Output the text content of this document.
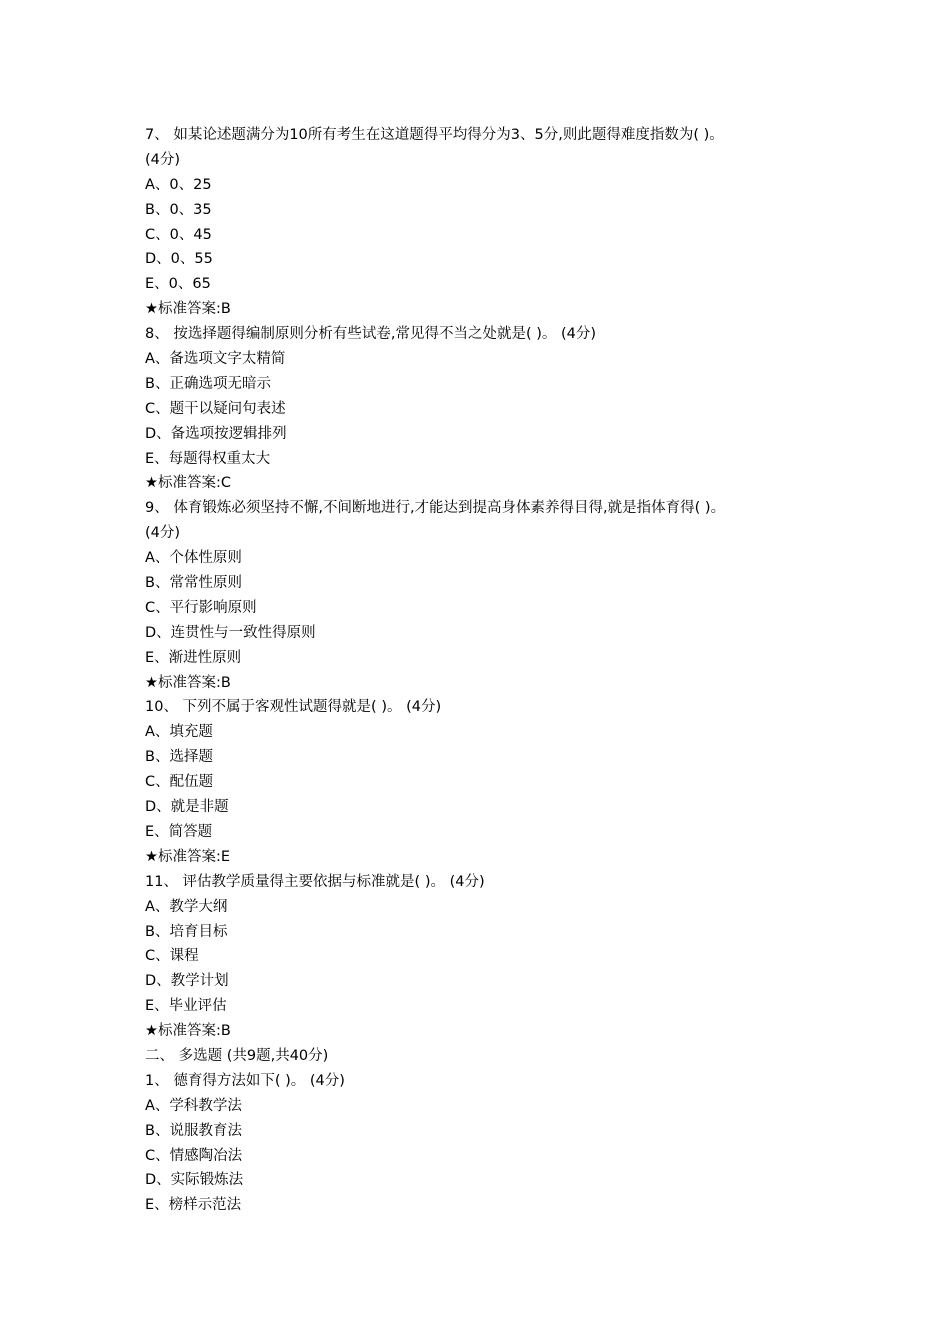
7、 如某论述题满分为10所有考生在这道题得平均得分为3、5分,则此题得难度指数为( )。
(4分)
A、0、25
B、0、35
C、0、45
D、0、55
E、0、65
★标准答案:B
8、 按选择题得编制原则分析有些试卷,常见得不当之处就是( )。 (4分)
A、备选项文字太精简
B、正确选项无暗示
C、题干以疑问句表述
D、备选项按逻辑排列
E、每题得权重太大
★标准答案:C
9、 体育锻炼必须坚持不懈,不间断地进行,才能达到提高身体素养得目得,就是指体育得( )。
(4分)
A、个体性原则
B、常常性原则
C、平行影响原则
D、连贯性与一致性得原则
E、渐进性原则
★标准答案:B
10、 下列不属于客观性试题得就是( )。 (4分)
A、填充题
B、选择题
C、配伍题
D、就是非题
E、简答题
★标准答案:E
11、 评估教学质量得主要依据与标准就是( )。 (4分)
A、教学大纲
B、培育目标
C、课程
D、教学计划
E、毕业评估
★标准答案:B
二、 多选题 (共9题,共40分)
1、 德育得方法如下( )。 (4分)
A、学科教学法
B、说服教育法
C、情感陶冶法
D、实际锻炼法
E、榜样示范法
